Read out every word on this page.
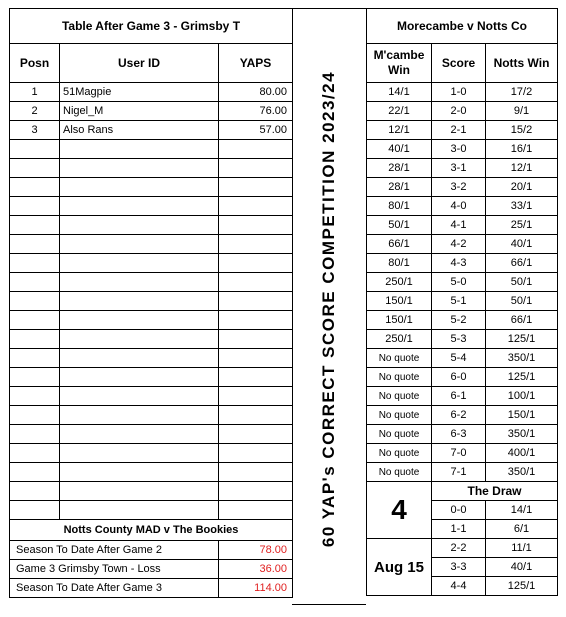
Table After Game 3 - Grimsby T		
Posn	User ID	YAPS
1	51Magpie	80.00
2	Nigel_M	76.00
3	Also Rans	57.00

Notts County MAD v The Bookies		
Season To Date After Game 2		78.00
Game 3 Grimsby Town - Loss		36.00
Season To Date After Game 3		114.00
60 YAP's CORRECT SCORE COMPETITION 2023/24
Morecambe v Notts Co		
M'cambe Win	Score	Notts Win
14/1	1-0	17/2
22/1	2-0	9/1
12/1	2-1	15/2
40/1	3-0	16/1
28/1	3-1	12/1
28/1	3-2	20/1
80/1	4-0	33/1
50/1	4-1	25/1
66/1	4-2	40/1
80/1	4-3	66/1
250/1	5-0	50/1
150/1	5-1	50/1
150/1	5-2	66/1
250/1	5-3	125/1
No quote	5-4	350/1
No quote	6-0	125/1
No quote	6-1	100/1
No quote	6-2	150/1
No quote	6-3	350/1
No quote	7-0	400/1
No quote	7-1	350/1
4	The Draw	
	0-0	14/1
	1-1	6/1
Aug 15	2-2	11/1
	3-3	40/1
	4-4	125/1
